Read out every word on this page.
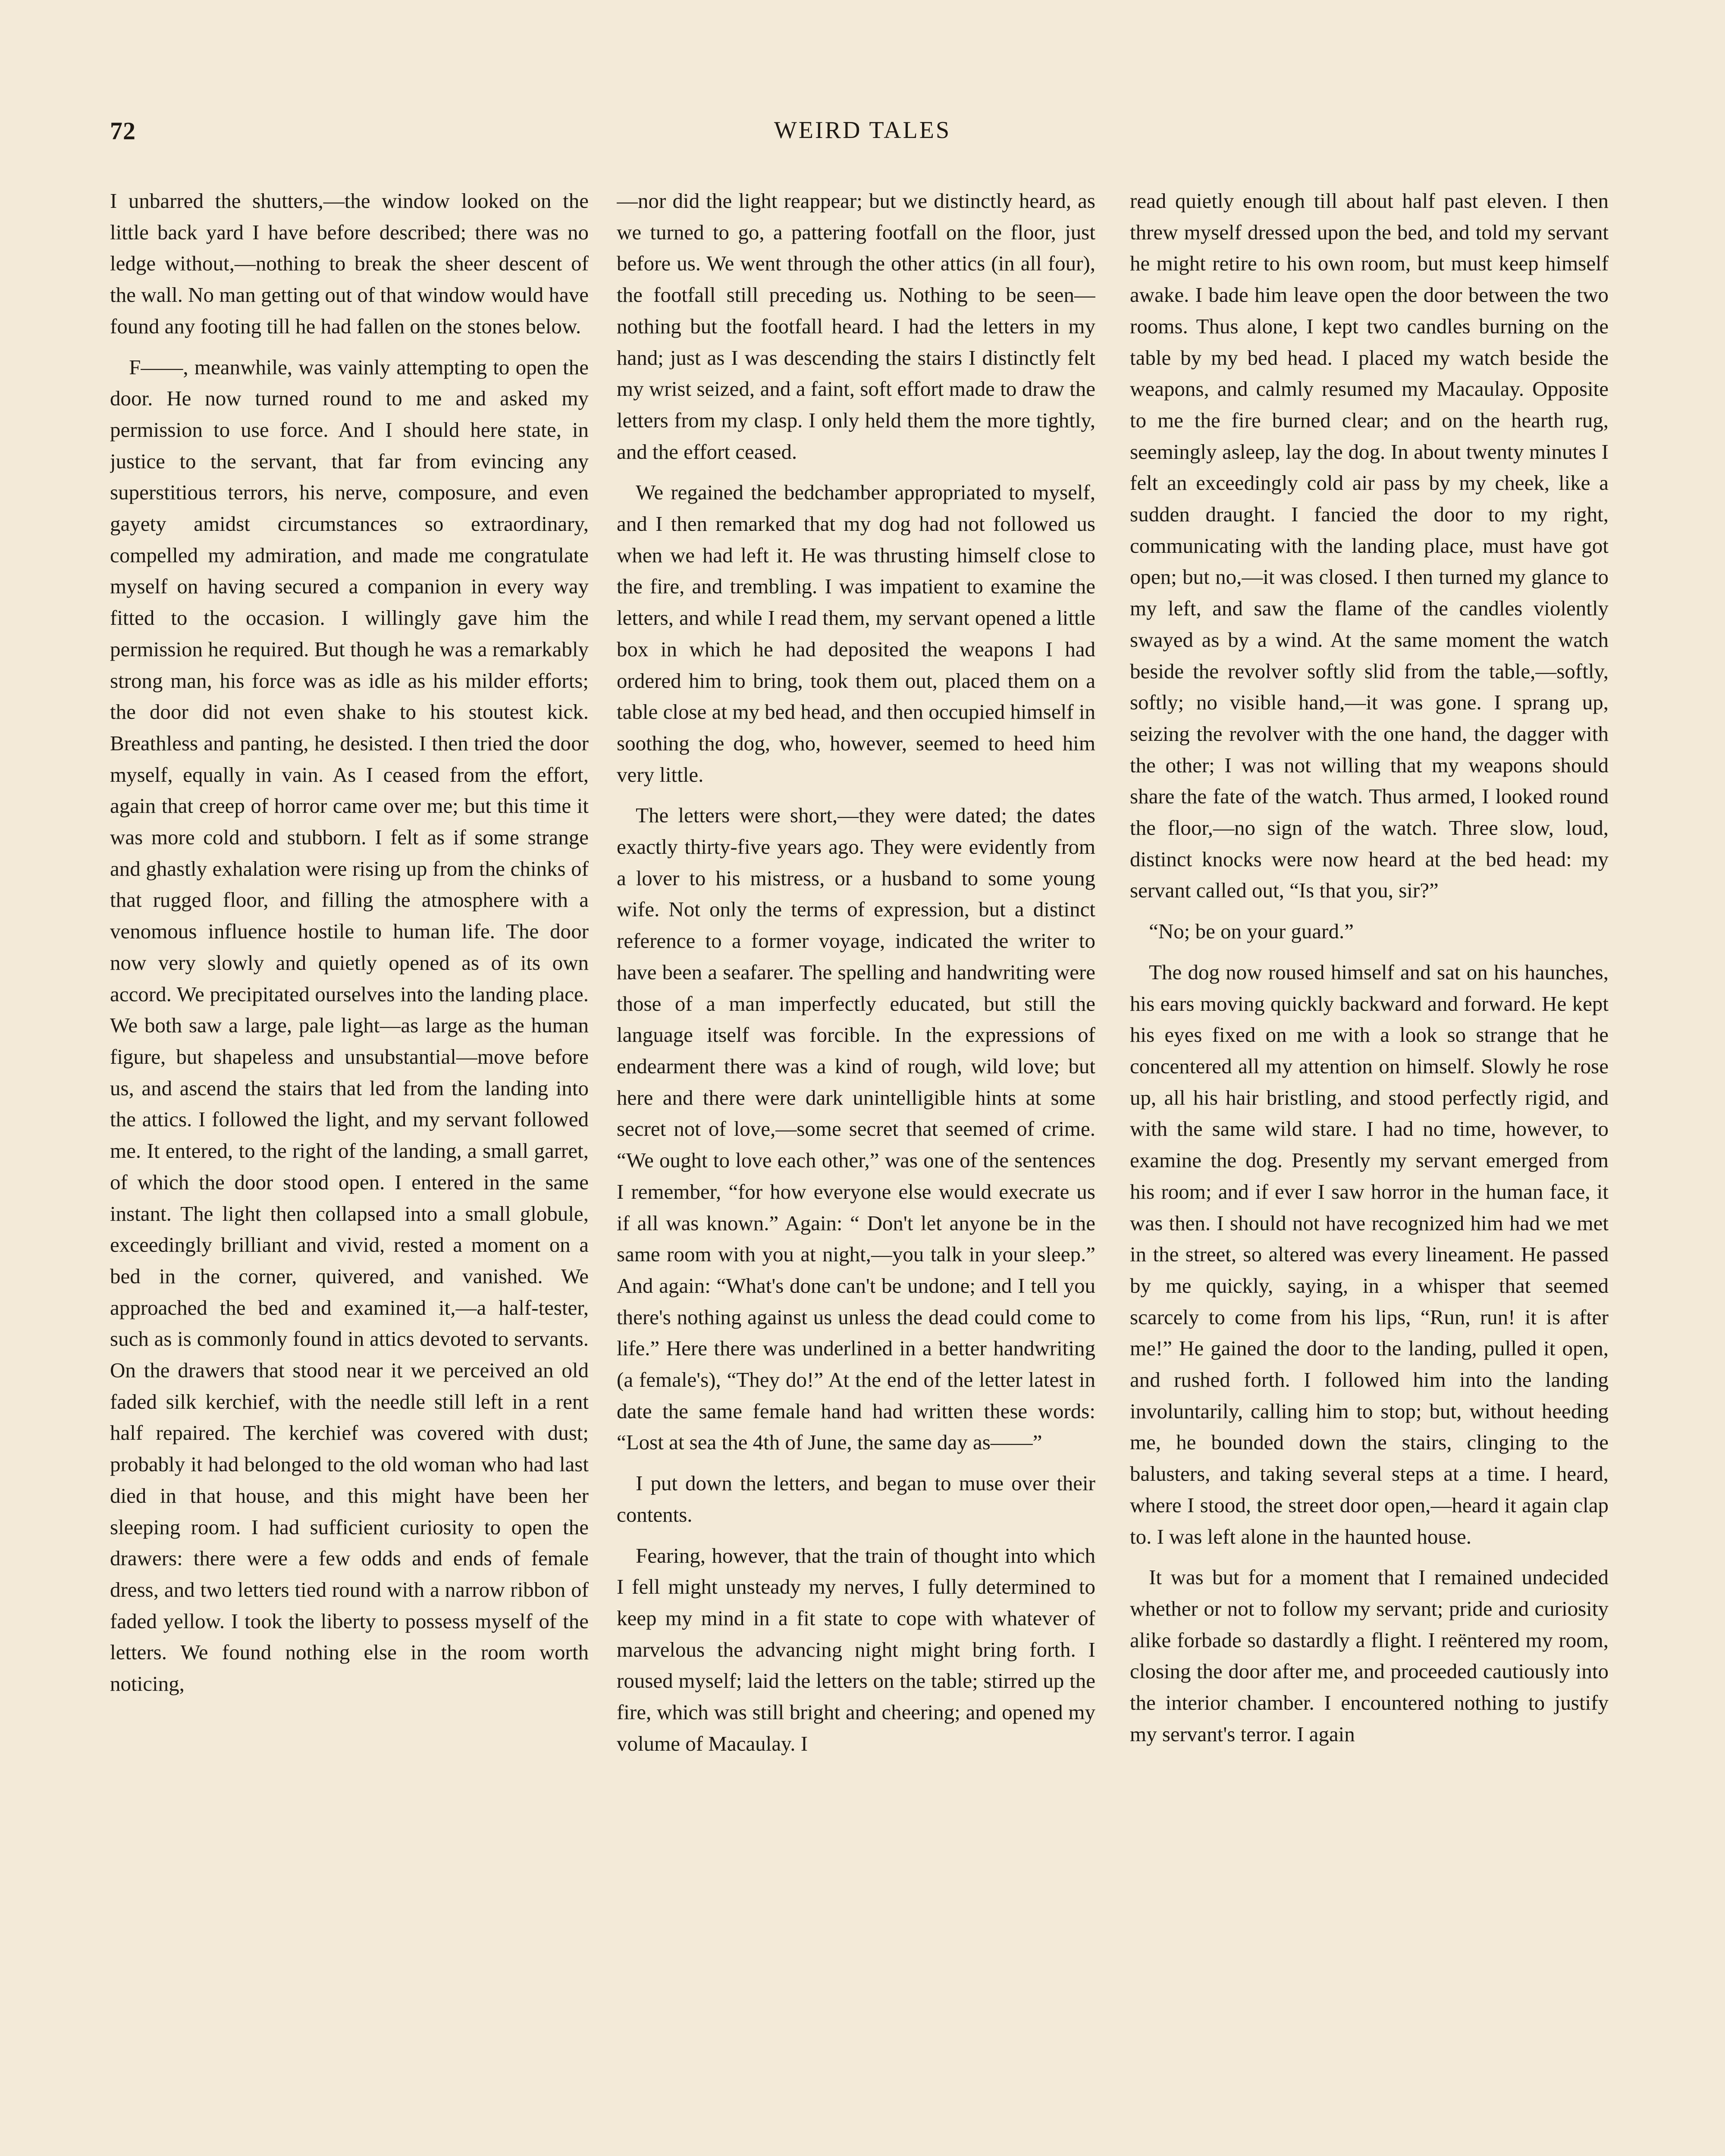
72	WEIRD TALES

I unbarred the shutters,—the window looked on the little back yard I have before described; there was no ledge without,—nothing to break the sheer descent of the wall. No man getting out of that window would have found any footing till he had fallen on the stones below.

F——, meanwhile, was vainly attempting to open the door. He now turned round to me and asked my permission to use force. And I should here state, in justice to the servant, that far from evincing any superstitious terrors, his nerve, composure, and even gayety amidst circumstances so extraordinary, compelled my admiration, and made me congratulate myself on having secured a companion in every way fitted to the occasion. I willingly gave him the permission he required. But though he was a remarkably strong man, his force was as idle as his milder efforts; the door did not even shake to his stoutest kick. Breathless and panting, he desisted. I then tried the door myself, equally in vain. As I ceased from the effort, again that creep of horror came over me; but this time it was more cold and stubborn. I felt as if some strange and ghastly exhalation were rising up from the chinks of that rugged floor, and filling the atmosphere with a venomous influence hostile to human life. The door now very slowly and quietly opened as of its own accord. We precipitated ourselves into the landing place. We both saw a large, pale light—as large as the human figure, but shapeless and unsubstantial—move before us, and ascend the stairs that led from the landing into the attics. I followed the light, and my servant followed me. It entered, to the right of the landing, a small garret, of which the door stood open. I entered in the same instant. The light then collapsed into a small globule, exceedingly brilliant and vivid, rested a moment on a bed in the corner, quivered, and vanished. We approached the bed and examined it,—a half-tester, such as is commonly found in attics devoted to servants. On the drawers that stood near it we perceived an old faded silk kerchief, with the needle still left in a rent half repaired. The kerchief was covered with dust; probably it had belonged to the old woman who had last died in that house, and this might have been her sleeping room. I had sufficient curiosity to open the drawers: there were a few odds and ends of female dress, and two letters tied round with a narrow ribbon of faded yellow. I took the liberty to possess myself of the letters. We found nothing else in the room worth noticing,

—nor did the light reappear; but we distinctly heard, as we turned to go, a pattering footfall on the floor, just before us. We went through the other attics (in all four), the footfall still preceding us. Nothing to be seen—nothing but the footfall heard. I had the letters in my hand; just as I was descending the stairs I distinctly felt my wrist seized, and a faint, soft effort made to draw the letters from my clasp. I only held them the more tightly, and the effort ceased.

We regained the bedchamber appropriated to myself, and I then remarked that my dog had not followed us when we had left it. He was thrusting himself close to the fire, and trembling. I was impatient to examine the letters, and while I read them, my servant opened a little box in which he had deposited the weapons I had ordered him to bring, took them out, placed them on a table close at my bed head, and then occupied himself in soothing the dog, who, however, seemed to heed him very little.

The letters were short,—they were dated; the dates exactly thirty-five years ago. They were evidently from a lover to his mistress, or a husband to some young wife. Not only the terms of expression, but a distinct reference to a former voyage, indicated the writer to have been a seafarer. The spelling and handwriting were those of a man imperfectly educated, but still the language itself was forcible. In the expressions of endearment there was a kind of rough, wild love; but here and there were dark unintelligible hints at some secret not of love,—some secret that seemed of crime. “We ought to love each other,” was one of the sentences I remember, “for how everyone else would execrate us if all was known.” Again: “ Don't let anyone be in the same room with you at night,—you talk in your sleep.” And again: “What's done can't be undone; and I tell you there's nothing against us unless the dead could come to life.” Here there was underlined in a better handwriting (a female's), “They do!” At the end of the letter latest in date the same female hand had written these words: “Lost at sea the 4th of June, the same day as——”

I put down the letters, and began to muse over their contents.

Fearing, however, that the train of thought into which I fell might unsteady my nerves, I fully determined to keep my mind in a fit state to cope with whatever of marvelous the advancing night might bring forth. I roused myself; laid the letters on the table; stirred up the fire, which was still bright and cheering; and opened my volume of Macaulay. I

read quietly enough till about half past eleven. I then threw myself dressed upon the bed, and told my servant he might retire to his own room, but must keep himself awake. I bade him leave open the door between the two rooms. Thus alone, I kept two candles burning on the table by my bed head. I placed my watch beside the weapons, and calmly resumed my Macaulay. Opposite to me the fire burned clear; and on the hearth rug, seemingly asleep, lay the dog. In about twenty minutes I felt an exceedingly cold air pass by my cheek, like a sudden draught. I fancied the door to my right, communicating with the landing place, must have got open; but no,—it was closed. I then turned my glance to my left, and saw the flame of the candles violently swayed as by a wind. At the same moment the watch beside the revolver softly slid from the table,—softly, softly; no visible hand,—it was gone. I sprang up, seizing the revolver with the one hand, the dagger with the other; I was not willing that my weapons should share the fate of the watch. Thus armed, I looked round the floor,—no sign of the watch. Three slow, loud, distinct knocks were now heard at the bed head: my servant called out, “Is that you, sir?”

“No; be on your guard.”

The dog now roused himself and sat on his haunches, his ears moving quickly backward and forward. He kept his eyes fixed on me with a look so strange that he concentered all my attention on himself. Slowly he rose up, all his hair bristling, and stood perfectly rigid, and with the same wild stare. I had no time, however, to examine the dog. Presently my servant emerged from his room; and if ever I saw horror in the human face, it was then. I should not have recognized him had we met in the street, so altered was every lineament. He passed by me quickly, saying, in a whisper that seemed scarcely to come from his lips, “Run, run! it is after me!” He gained the door to the landing, pulled it open, and rushed forth. I followed him into the landing involuntarily, calling him to stop; but, without heeding me, he bounded down the stairs, clinging to the balusters, and taking several steps at a time. I heard, where I stood, the street door open,—heard it again clap to. I was left alone in the haunted house.

It was but for a moment that I remained undecided whether or not to follow my servant; pride and curiosity alike forbade so dastardly a flight. I reëntered my room, closing the door after me, and proceeded cautiously into the interior chamber. I encountered nothing to justify my servant's terror. I again
